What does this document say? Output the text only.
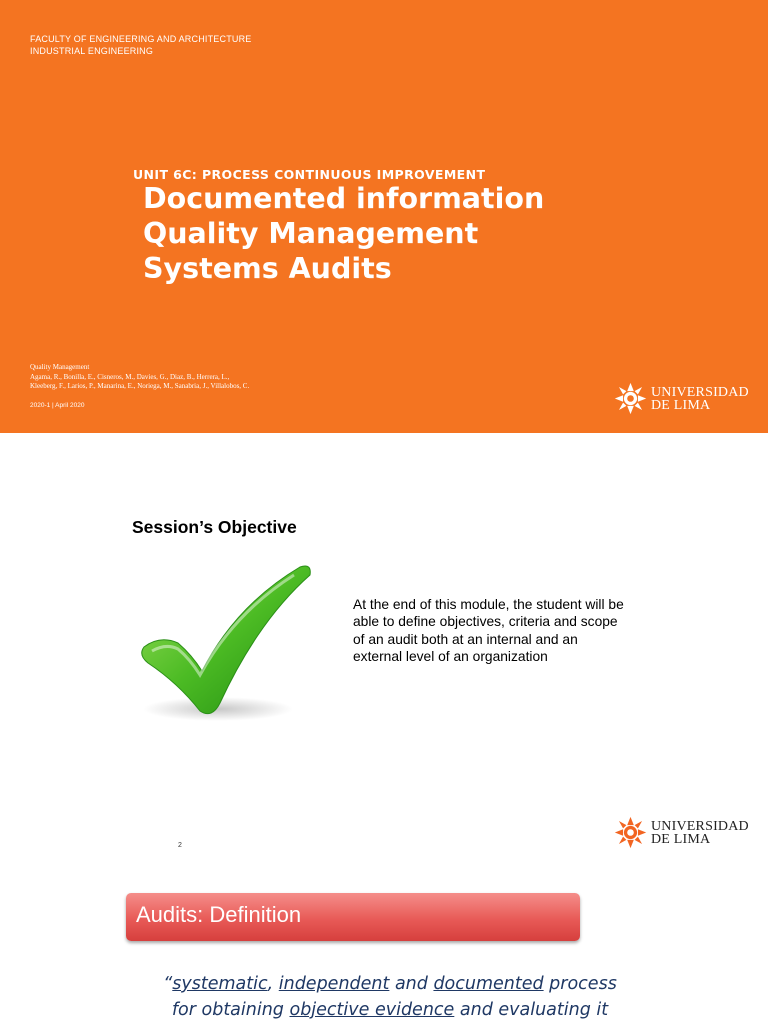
FACULTY OF ENGINEERING AND ARCHITECTURE
INDUSTRIAL ENGINEERING
UNIT 6C: PROCESS CONTINUOUS IMPROVEMENT
Documented information
Quality Management
Systems Audits
Quality Management
Agama, R., Bonilla, E., Cisneros, M., Davies, G., Diaz, B., Herrera, L.,
Kleeberg, F., Larios, P., Manarina, E., Noriega, M., Sanabria, J., Villalobos, C.
2020-1 | April 2020
UNIVERSIDAD
DE LIMA
Session’s Objective
At the end of this module, the student will be able to define objectives, criteria and scope of an audit both at an internal and an external level of an organization
2
UNIVERSIDAD
DE LIMA
Audits: Definition
“systematic, independent and documented process
for obtaining objective evidence and evaluating it
